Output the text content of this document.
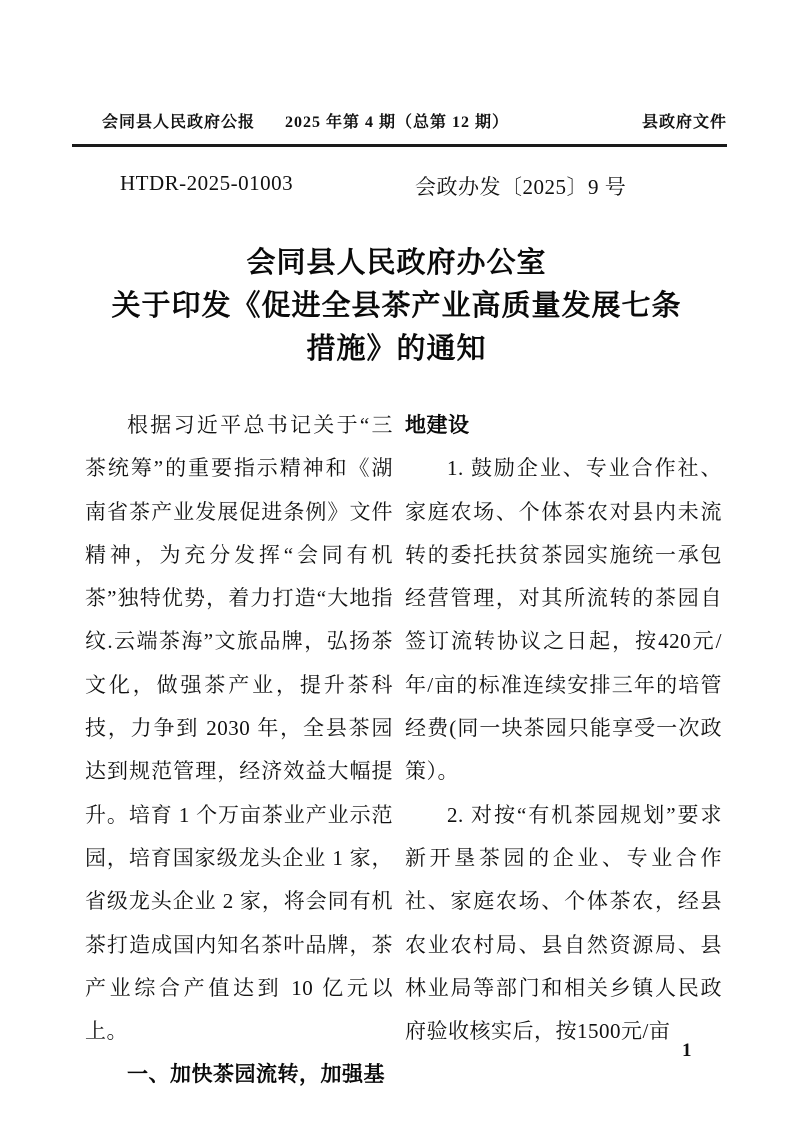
会同县人民政府公报 2025 年第 4 期（总第 12 期）	县政府文件
HTDR-2025-01003	会政办发〔2025〕9 号
会同县人民政府办公室
关于印发《促进全县茶产业高质量发展七条
措施》的通知
根据习近平总书记关于“三茶统筹”的重要指示精神和《湖南省茶产业发展促进条例》文件精神，为充分发挥“会同有机茶”独特优势，着力打造“大地指纹.云端茶海”文旅品牌，弘扬茶文化，做强茶产业，提升茶科技，力争到 2030 年，全县茶园达到规范管理，经济效益大幅提升。培育 1 个万亩茶业产业示范园，培育国家级龙头企业 1 家，省级龙头企业 2 家，将会同有机茶打造成国内知名茶叶品牌，茶产业综合产值达到 10 亿元以上。
一、加快茶园流转，加强基
地建设
1. 鼓励企业、专业合作社、家庭农场、个体茶农对县内未流转的委托扶贫茶园实施统一承包经营管理，对其所流转的茶园自签订流转协议之日起，按420元/年/亩的标准连续安排三年的培管经费(同一块茶园只能享受一次政策）。
2. 对按“有机茶园规划”要求新开垦茶园的企业、专业合作社、家庭农场、个体茶农，经县农业农村局、县自然资源局、县林业局等部门和相关乡镇人民政府验收核实后，按1500元/亩
1
